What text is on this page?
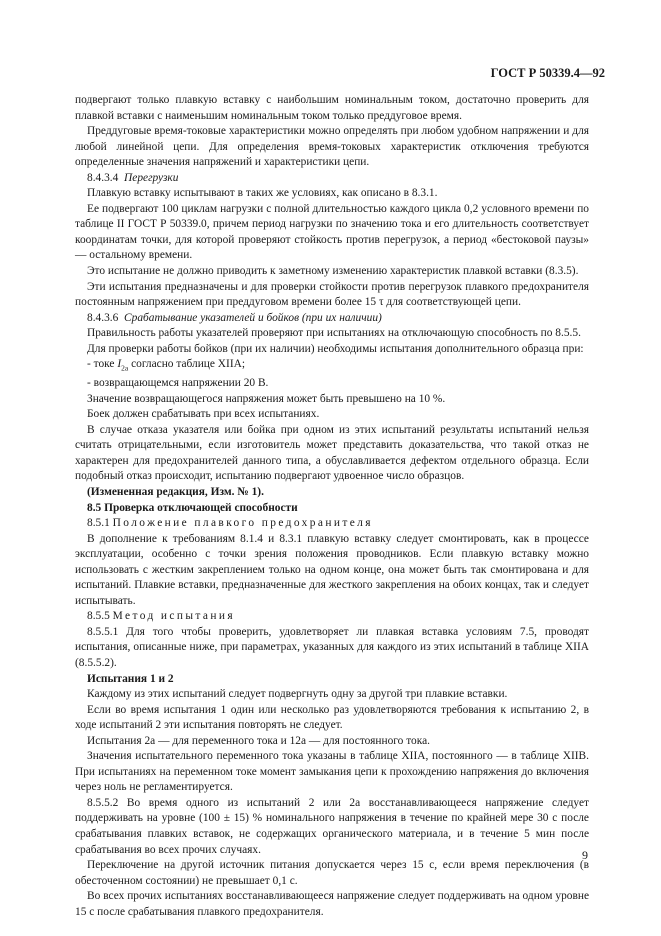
ГОСТ Р 50339.4—92

подвергают только плавкую вставку с наибольшим номинальным током, достаточно проверить для плавкой вставки с наименьшим номинальным током только преддуговое время.

Преддуговые время-токовые характеристики можно определять при любом удобном напряжении и для любой линейной цепи. Для определения время-токовых характеристик отключения требуются определенные значения напряжений и характеристики цепи.

8.4.3.4 Перегрузки

Плавкую вставку испытывают в таких же условиях, как описано в 8.3.1.

Ее подвергают 100 циклам нагрузки с полной длительностью каждого цикла 0,2 условного времени по таблице II ГОСТ Р 50339.0, причем период нагрузки по значению тока и его длительность соответствует координатам точки, для которой проверяют стойкость против перегрузок, а период «бестоковой паузы» — остальному времени.

Это испытание не должно приводить к заметному изменению характеристик плавкой вставки (8.3.5).

Эти испытания предназначены и для проверки стойкости против перегрузок плавкого предохранителя постоянным напряжением при преддуговом времени более 15 τ для соответствующей цепи.

8.4.3.6 Срабатывание указателей и бойков (при их наличии)

Правильность работы указателей проверяют при испытаниях на отключающую способность по 8.5.5.

Для проверки работы бойков (при их наличии) необходимы испытания дополнительного образца при:

- токе $I_{2a}$ согласно таблице XIIA;

- возвращающемся напряжении 20 В.

Значение возвращающегося напряжения может быть превышено на 10 %.

Боек должен срабатывать при всех испытаниях.

В случае отказа указателя или бойка при одном из этих испытаний результаты испытаний нельзя считать отрицательными, если изготовитель может представить доказательства, что такой отказ не характерен для предохранителей данного типа, а обуславливается дефектом отдельного образца. Если подобный отказ происходит, испытанию подвергают удвоенное число образцов.

(Измененная редакция, Изм. № 1).

8.5 Проверка отключающей способности

8.5.1 Положение плавкого предохранителя

В дополнение к требованиям 8.1.4 и 8.3.1 плавкую вставку следует смонтировать, как в процессе эксплуатации, особенно с точки зрения положения проводников. Если плавкую вставку можно использовать с жестким закреплением только на одном конце, она может быть так смонтирована и для испытаний. Плавкие вставки, предназначенные для жесткого закрепления на обоих концах, так и следует испытывать.

8.5.5 Метод испытания

8.5.5.1 Для того чтобы проверить, удовлетворяет ли плавкая вставка условиям 7.5, проводят испытания, описанные ниже, при параметрах, указанных для каждого из этих испытаний в таблице XIIA (8.5.5.2).

Испытания 1 и 2

Каждому из этих испытаний следует подвергнуть одну за другой три плавкие вставки.

Если во время испытания 1 один или несколько раз удовлетворяются требования к испытанию 2, в ходе испытаний 2 эти испытания повторять не следует.

Испытания 2а — для переменного тока и 12а — для постоянного тока.

Значения испытательного переменного тока указаны в таблице XIIA, постоянного — в таблице XIIB. При испытаниях на переменном токе момент замыкания цепи к прохождению напряжения до включения через ноль не регламентируется.

8.5.5.2 Во время одного из испытаний 2 или 2а восстанавливающееся напряжение следует поддерживать на уровне (100 ± 15) % номинального напряжения в течение по крайней мере 30 с после срабатывания плавких вставок, не содержащих органического материала, и в течение 5 мин после срабатывания во всех прочих случаях.

Переключение на другой источник питания допускается через 15 с, если время переключения (в обесточенном состоянии) не превышает 0,1 с.

Во всех прочих испытаниях восстанавливающееся напряжение следует поддерживать на одном уровне 15 с после срабатывания плавкого предохранителя.

9
